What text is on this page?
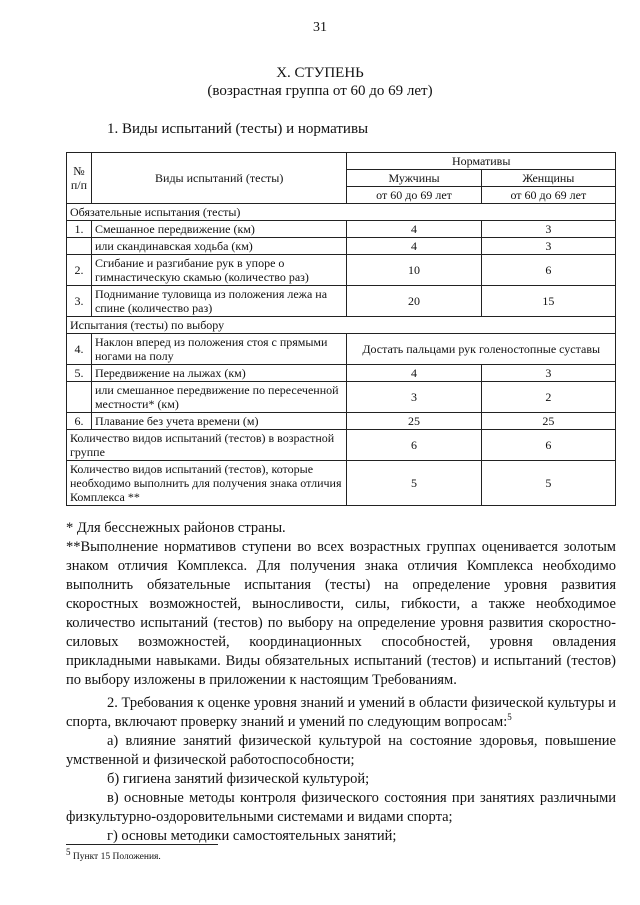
31
Х. СТУПЕНЬ
(возрастная группа от 60 до 69 лет)
1. Виды испытаний (тесты) и нормативы
№ п/п	Виды испытаний (тесты)	Нормативы	
		Мужчины	Женщины
		от 60 до 69 лет	от 60 до 69 лет
Обязательные испытания (тесты)			
1.	Смешанное передвижение (км)	4	3
	или скандинавская ходьба (км)	4	3
2.	Сгибание и разгибание рук в упоре о гимнастическую скамью (количество раз)	10	6
3.	Поднимание туловища из положения лежа на спине (количество раз)	20	15
Испытания (тесты) по выбору			
4.	Наклон вперед из положения стоя с прямыми ногами на полу	Достать пальцами рук голеностопные суставы	
5.	Передвижение на лыжах (км)	4	3
	или смешанное передвижение по пересеченной местности* (км)	3	2
6.	Плавание без учета времени (м)	25	25
Количество видов испытаний (тестов) в возрастной группе		6	6
Количество видов испытаний (тестов), которые необходимо выполнить для получения знака отличия Комплекса **		5	5
* Для бесснежных районов страны.

**Выполнение нормативов ступени во всех возрастных группах оценивается золотым знаком отличия Комплекса. Для получения знака отличия Комплекса необходимо выполнить обязательные испытания (тесты) на определение уровня развития скоростных возможностей, выносливости, силы, гибкости, а также необходимое количество испытаний (тестов) по выбору на определение уровня развития скоростно-силовых возможностей, координационных способностей, уровня овладения прикладными навыками. Виды обязательных испытаний (тестов) и испытаний (тестов) по выбору изложены в приложении к настоящим Требованиям.

2. Требования к оценке уровня знаний и умений в области физической культуры и спорта, включают проверку знаний и умений по следующим вопросам:$^5$

а) влияние занятий физической культурой на состояние здоровья, повышение умственной и физической работоспособности;

б) гигиена занятий физической культурой;

в) основные методы контроля физического состояния при занятиях различными физкультурно-оздоровительными системами и видами спорта;

г) основы методики самостоятельных занятий;

$^5$ Пункт 15 Положения.
